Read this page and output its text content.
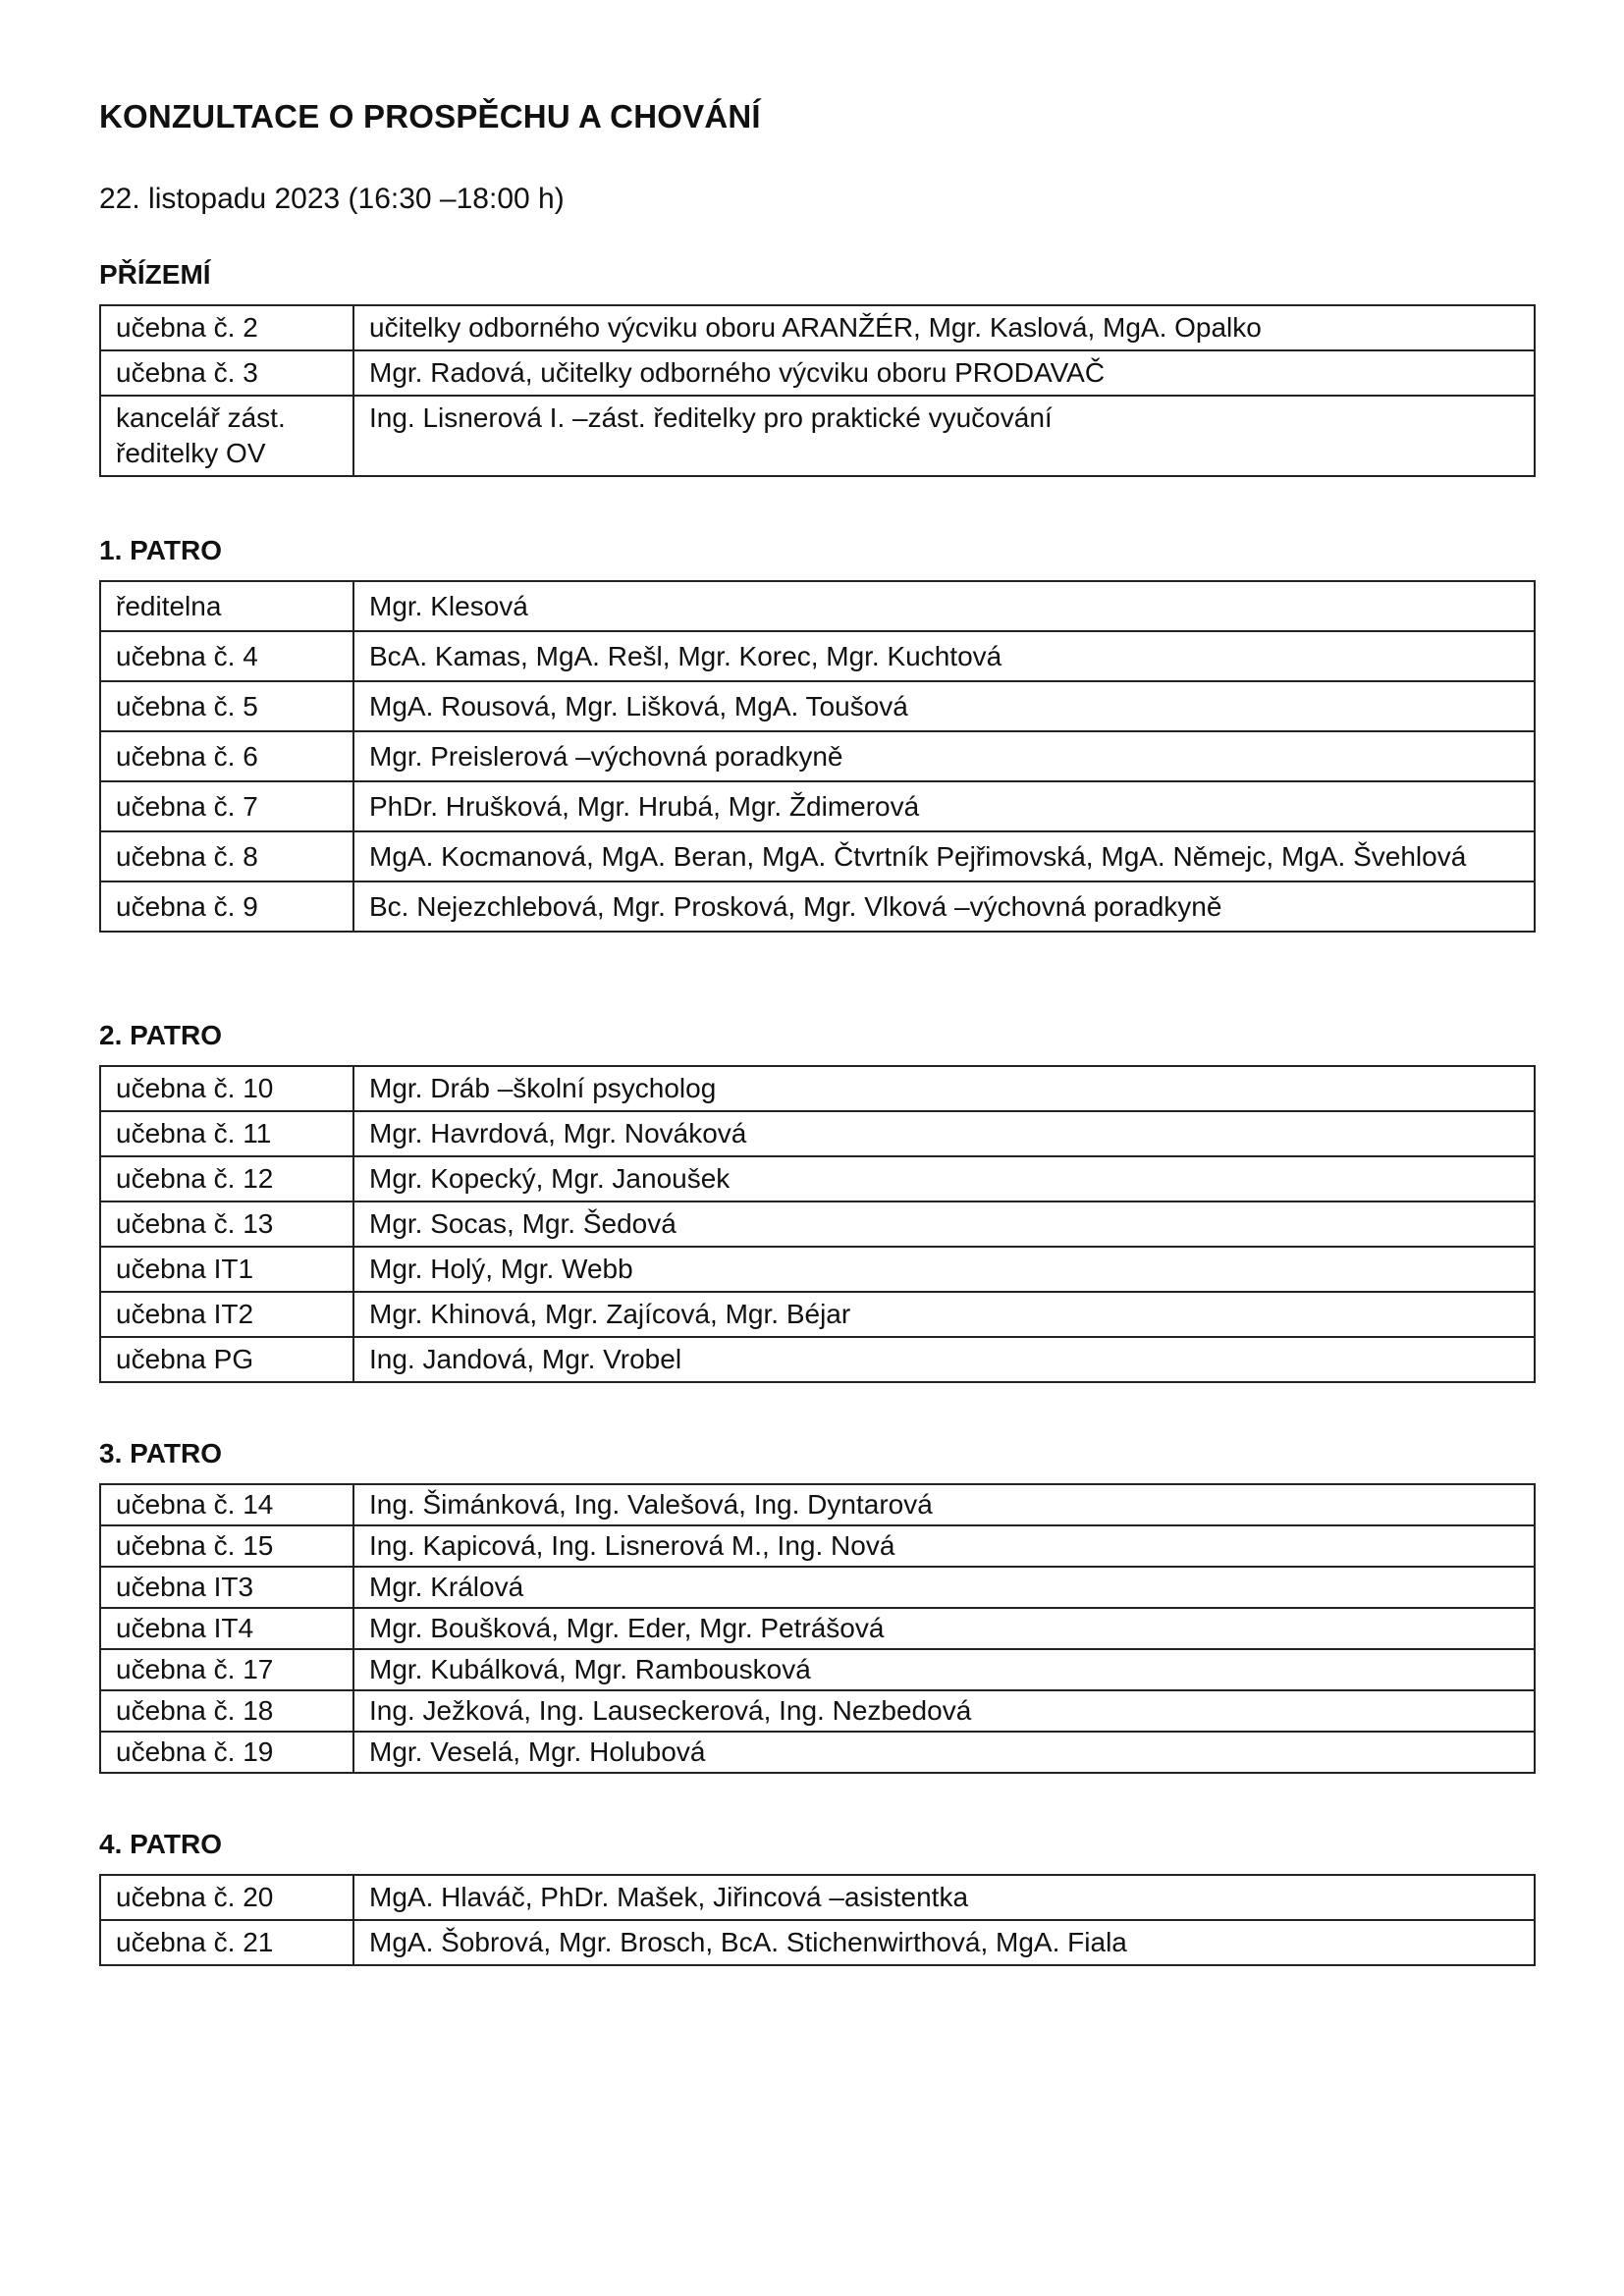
KONZULTACE O PROSPĚCHU A CHOVÁNÍ

22. listopadu 2023 (16:30 –18:00 h)

PŘÍZEMÍ
učebna č. 2	učitelky odborného výcviku oboru ARANŽÉR, Mgr. Kaslová, MgA. Opalko
učebna č. 3	Mgr. Radová, učitelky odborného výcviku oboru PRODAVAČ
kancelář zást. ředitelky OV	Ing. Lisnerová I. –zást. ředitelky pro praktické vyučování
1. PATRO
ředitelna	Mgr. Klesová
učebna č. 4	BcA. Kamas, MgA. Rešl, Mgr. Korec, Mgr. Kuchtová
učebna č. 5	MgA. Rousová, Mgr. Lišková, MgA. Toušová
učebna č. 6	Mgr. Preislerová –výchovná poradkyně
učebna č. 7	PhDr. Hrušková, Mgr. Hrubá, Mgr. Ždimerová
učebna č. 8	MgA. Kocmanová, MgA. Beran, MgA. Čtvrtník Pejřimovská, MgA. Němejc, MgA. Švehlová
učebna č. 9	Bc. Nejezchlebová, Mgr. Prosková, Mgr. Vlková –výchovná poradkyně
2. PATRO
učebna č. 10	Mgr. Dráb –školní psycholog
učebna č. 11	Mgr. Havrdová, Mgr. Nováková
učebna č. 12	Mgr. Kopecký, Mgr. Janoušek
učebna č. 13	Mgr. Socas, Mgr. Šedová
učebna IT1	Mgr. Holý, Mgr. Webb
učebna IT2	Mgr. Khinová, Mgr. Zajícová, Mgr. Béjar
učebna PG	Ing. Jandová, Mgr. Vrobel
3. PATRO
učebna č. 14	Ing. Šimánková, Ing. Valešová, Ing. Dyntarová
učebna č. 15	Ing. Kapicová, Ing. Lisnerová M., Ing. Nová
učebna IT3	Mgr. Králová
učebna IT4	Mgr. Boušková, Mgr. Eder, Mgr. Petrášová
učebna č. 17	Mgr. Kubálková, Mgr. Rambousková
učebna č. 18	Ing. Ježková, Ing. Lauseckerová, Ing. Nezbedová
učebna č. 19	Mgr. Veselá, Mgr. Holubová
4. PATRO
učebna č. 20	MgA. Hlaváč, PhDr. Mašek, Jiřincová –asistentka
učebna č. 21	MgA. Šobrová, Mgr. Brosch, BcA. Stichenwirthová, MgA. Fiala
